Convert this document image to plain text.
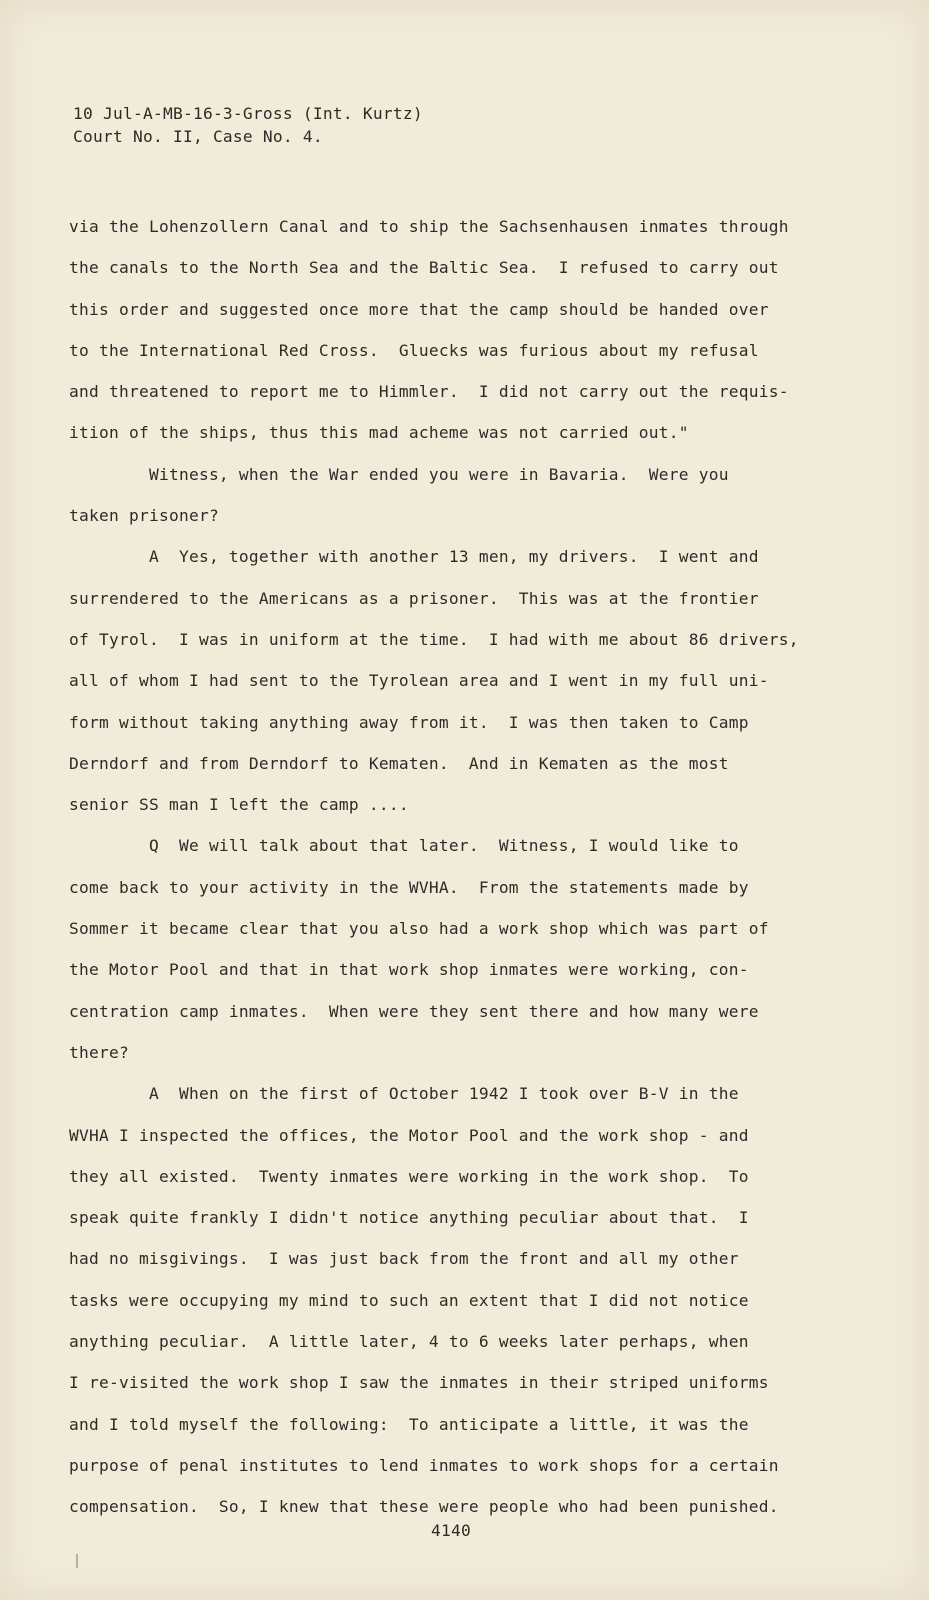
10 Jul-A-MB-16-3-Gross (Int. Kurtz)
Court No. II, Case No. 4.
via the Lohenzollern Canal and to ship the Sachsenhausen inmates through
the canals to the North Sea and the Baltic Sea.  I refused to carry out
this order and suggested once more that the camp should be handed over
to the International Red Cross.  Gluecks was furious about my refusal
and threatened to report me to Himmler.  I did not carry out the requis-
ition of the ships, thus this mad acheme was not carried out."
Witness, when the War ended you were in Bavaria.  Were you
taken prisoner?
A  Yes, together with another 13 men, my drivers.  I went and
surrendered to the Americans as a prisoner.  This was at the frontier
of Tyrol.  I was in uniform at the time.  I had with me about 86 drivers,
all of whom I had sent to the Tyrolean area and I went in my full uni-
form without taking anything away from it.  I was then taken to Camp
Derndorf and from Derndorf to Kematen.  And in Kematen as the most
senior SS man I left the camp ....
Q  We will talk about that later.  Witness, I would like to
come back to your activity in the WVHA.  From the statements made by
Sommer it became clear that you also had a work shop which was part of
the Motor Pool and that in that work shop inmates were working, con-
centration camp inmates.  When were they sent there and how many were
there?
A  When on the first of October 1942 I took over B-V in the
WVHA I inspected the offices, the Motor Pool and the work shop - and
they all existed.  Twenty inmates were working in the work shop.  To
speak quite frankly I didn't notice anything peculiar about that.  I
had no misgivings.  I was just back from the front and all my other
tasks were occupying my mind to such an extent that I did not notice
anything peculiar.  A little later, 4 to 6 weeks later perhaps, when
I re-visited the work shop I saw the inmates in their striped uniforms
and I told myself the following:  To anticipate a little, it was the
purpose of penal institutes to lend inmates to work shops for a certain
compensation.  So, I knew that these were people who had been punished.
4140
